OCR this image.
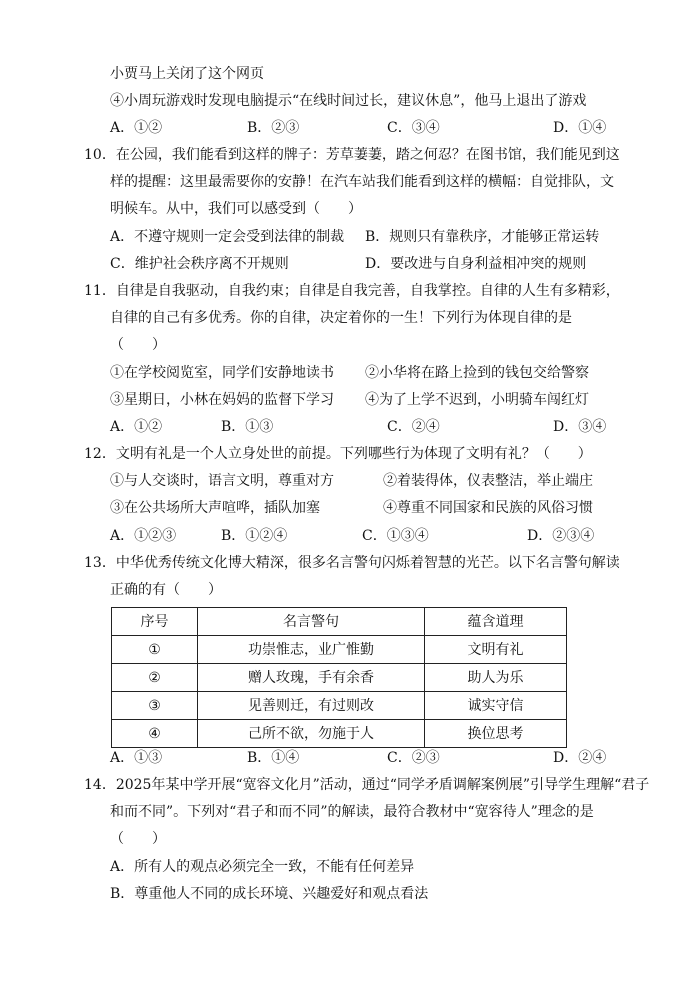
小贾马上关闭了这个网页
④小周玩游戏时发现电脑提示“在线时间过长，建议休息”，他马上退出了游戏
A．①②	B．②③	C．③④	D．①④
10．在公园，我们能看到这样的牌子：芳草萋萋，踏之何忍？在图书馆，我们能见到这
样的提醒：这里最需要你的安静！在汽车站我们能看到这样的横幅：自觉排队，文
明候车。从中，我们可以感受到（　　）
A．不遵守规则一定会受到法律的制裁 B．规则只有靠秩序，才能够正常运转
C．维护社会秩序离不开规则	D．要改进与自身利益相冲突的规则
11．自律是自我驱动，自我约束；自律是自我完善，自我掌控。自律的人生有多精彩，
自律的自己有多优秀。你的自律，决定着你的一生！下列行为体现自律的是
（　　）
①在学校阅览室，同学们安静地读书 ②小华将在路上捡到的钱包交给警察
③星期日，小林在妈妈的监督下学习 ④为了上学不迟到，小明骑车闯红灯
A．①②	B．①③	C．②④	D．③④
12．文明有礼是一个人立身处世的前提。下列哪些行为体现了文明有礼？（　　）
①与人交谈时，语言文明，尊重对方	②着装得体，仪表整洁，举止端庄
③在公共场所大声喧哗，插队加塞	④尊重不同国家和民族的风俗习惯
A．①②③	B．①②④	C．①③④	D．②③④
13．中华优秀传统文化博大精深，很多名言警句闪烁着智慧的光芒。以下名言警句解读
正确的有（　　）
序号	名言警句	蕴含道理
①	功崇惟志，业广惟勤	文明有礼
②	赠人玫瑰，手有余香	助人为乐
③	见善则迁，有过则改	诚实守信
④	己所不欲，勿施于人	换位思考
A．①③	B．①④	C．②③	D．②④
14．2025年某中学开展“宽容文化月”活动，通过“同学矛盾调解案例展”引导学生理解“君子
和而不同”。下列对“君子和而不同”的解读，最符合教材中“宽容待人”理念的是
（　　）
A．所有人的观点必须完全一致，不能有任何差异
B．尊重他人不同的成长环境、兴趣爱好和观点看法
